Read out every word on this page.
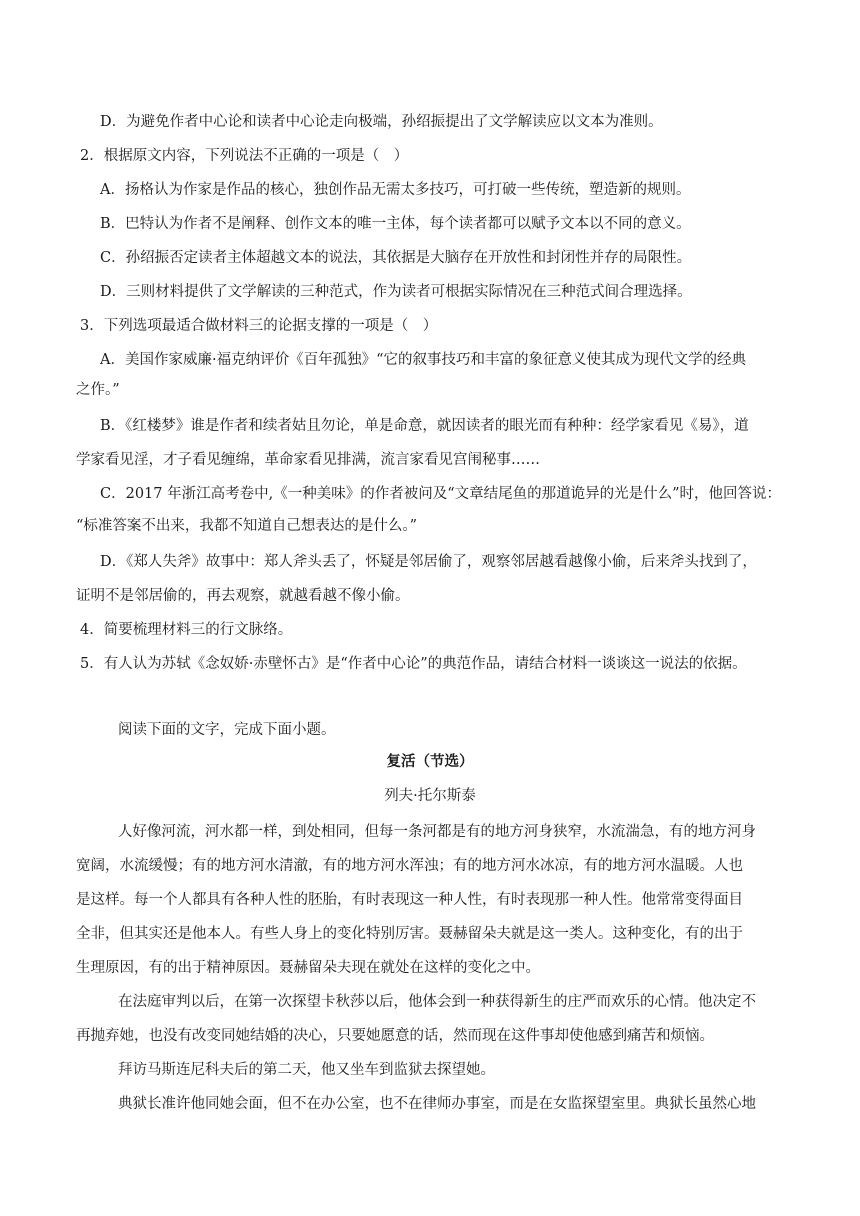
D．为避免作者中心论和读者中心论走向极端，孙绍振提出了文学解读应以文本为准则。
2．根据原文内容，下列说法不正确的一项是（　）
A．扬格认为作家是作品的核心，独创作品无需太多技巧，可打破一些传统，塑造新的规则。
B．巴特认为作者不是阐释、创作文本的唯一主体，每个读者都可以赋予文本以不同的意义。
C．孙绍振否定读者主体超越文本的说法，其依据是大脑存在开放性和封闭性并存的局限性。
D．三则材料提供了文学解读的三种范式，作为读者可根据实际情况在三种范式间合理选择。
3．下列选项最适合做材料三的论据支撑的一项是（　）
A．美国作家威廉·福克纳评价《百年孤独》“它的叙事技巧和丰富的象征意义使其成为现代文学的经典
之作。”
B．《红楼梦》谁是作者和续者姑且勿论，单是命意，就因读者的眼光而有种种：经学家看见《易》，道
学家看见淫，才子看见缠绵，革命家看见排满，流言家看见宫闱秘事……
C．2017 年浙江高考卷中,《一种美味》的作者被问及“文章结尾鱼的那道诡异的光是什么”时，他回答说：
“标准答案不出来，我都不知道自己想表达的是什么。”
D．《郑人失斧》故事中：郑人斧头丢了，怀疑是邻居偷了，观察邻居越看越像小偷，后来斧头找到了，
证明不是邻居偷的，再去观察，就越看越不像小偷。
4．简要梳理材料三的行文脉络。
5．有人认为苏轼《念奴娇·赤壁怀古》是“作者中心论”的典范作品，请结合材料一谈谈这一说法的依据。
阅读下面的文字，完成下面小题。
复活（节选）
列夫·托尔斯泰
人好像河流，河水都一样，到处相同，但每一条河都是有的地方河身狭窄，水流湍急，有的地方河身
宽阔，水流缓慢；有的地方河水清澈，有的地方河水浑浊；有的地方河水冰凉，有的地方河水温暖。人也
是这样。每一个人都具有各种人性的胚胎，有时表现这一种人性，有时表现那一种人性。他常常变得面目
全非，但其实还是他本人。有些人身上的变化特别厉害。聂赫留朵夫就是这一类人。这种变化，有的出于
生理原因，有的出于精神原因。聂赫留朵夫现在就处在这样的变化之中。
在法庭审判以后，在第一次探望卡秋莎以后，他体会到一种获得新生的庄严而欢乐的心情。他决定不
再抛弃她，也没有改变同她结婚的决心，只要她愿意的话，然而现在这件事却使他感到痛苦和烦恼。
拜访马斯连尼科夫后的第二天，他又坐车到监狱去探望她。
典狱长准许他同她会面，但不在办公室，也不在律师办事室，而是在女监探望室里。典狱长虽然心地
